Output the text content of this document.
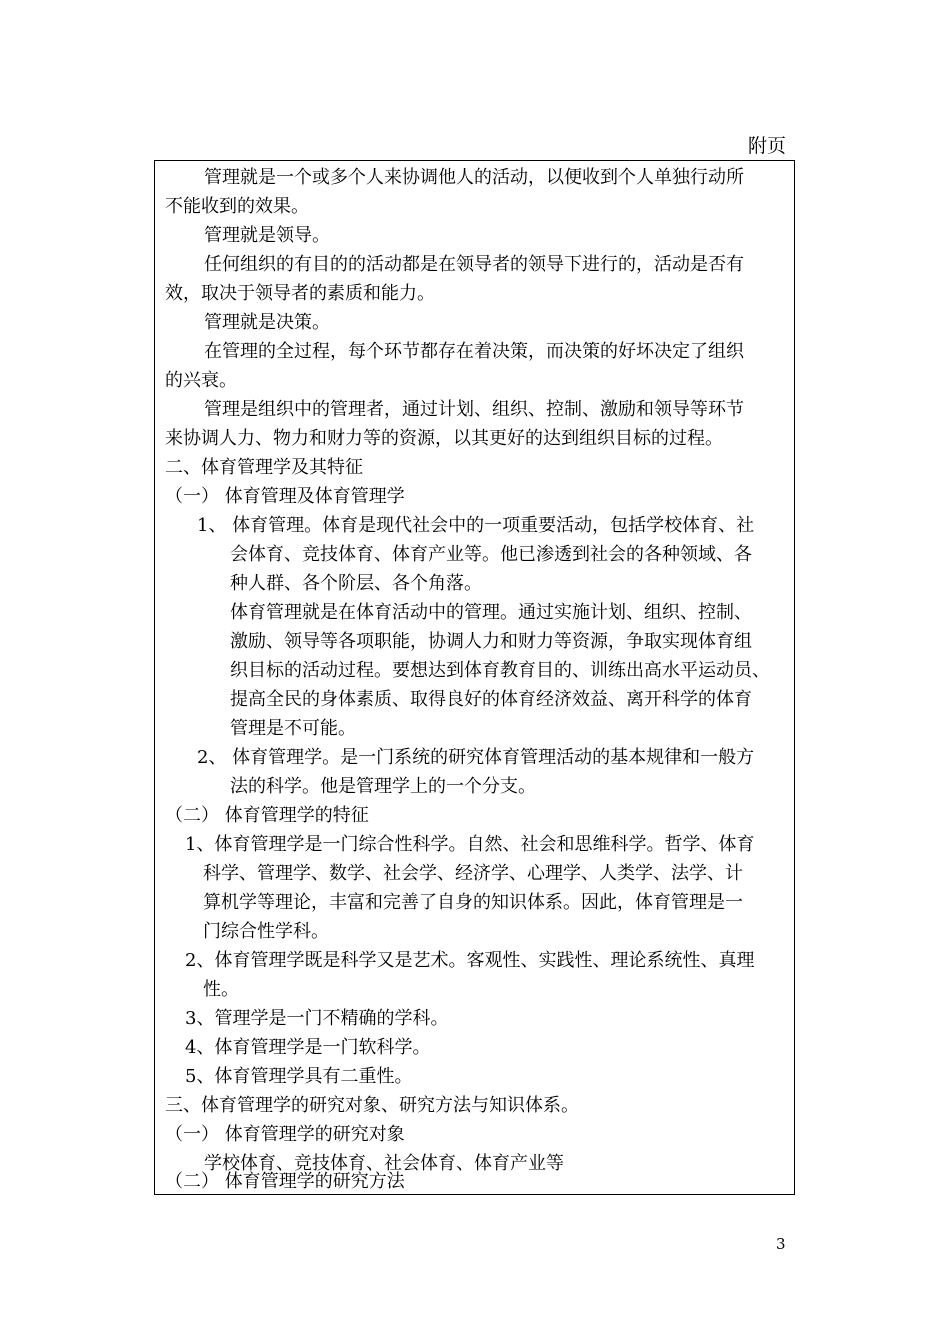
附页
管理就是一个或多个人来协调他人的活动，以便收到个人单独行动所
不能收到的效果。
管理就是领导。
任何组织的有目的的活动都是在领导者的领导下进行的，活动是否有
效，取决于领导者的素质和能力。
管理就是决策。
在管理的全过程，每个环节都存在着决策，而决策的好坏决定了组织
的兴衰。
管理是组织中的管理者，通过计划、组织、控制、激励和领导等环节
来协调人力、物力和财力等的资源，以其更好的达到组织目标的过程。
二、体育管理学及其特征
（一） 体育管理及体育管理学
1、 体育管理。体育是现代社会中的一项重要活动，包括学校体育、社
会体育、竞技体育、体育产业等。他已渗透到社会的各种领域、各
种人群、各个阶层、各个角落。
体育管理就是在体育活动中的管理。通过实施计划、组织、控制、
激励、领导等各项职能，协调人力和财力等资源，争取实现体育组
织目标的活动过程。要想达到体育教育目的、训练出高水平运动员、
提高全民的身体素质、取得良好的体育经济效益、离开科学的体育
管理是不可能。
2、 体育管理学。是一门系统的研究体育管理活动的基本规律和一般方
法的科学。他是管理学上的一个分支。
（二） 体育管理学的特征
1、体育管理学是一门综合性科学。自然、社会和思维科学。哲学、体育
科学、管理学、数学、社会学、经济学、心理学、人类学、法学、计
算机学等理论，丰富和完善了自身的知识体系。因此，体育管理是一
门综合性学科。
2、体育管理学既是科学又是艺术。客观性、实践性、理论系统性、真理
性。
3、管理学是一门不精确的学科。
4、体育管理学是一门软科学。
5、体育管理学具有二重性。
三、体育管理学的研究对象、研究方法与知识体系。
（一） 体育管理学的研究对象
学校体育、竞技体育、社会体育、体育产业等
（二） 体育管理学的研究方法
3
